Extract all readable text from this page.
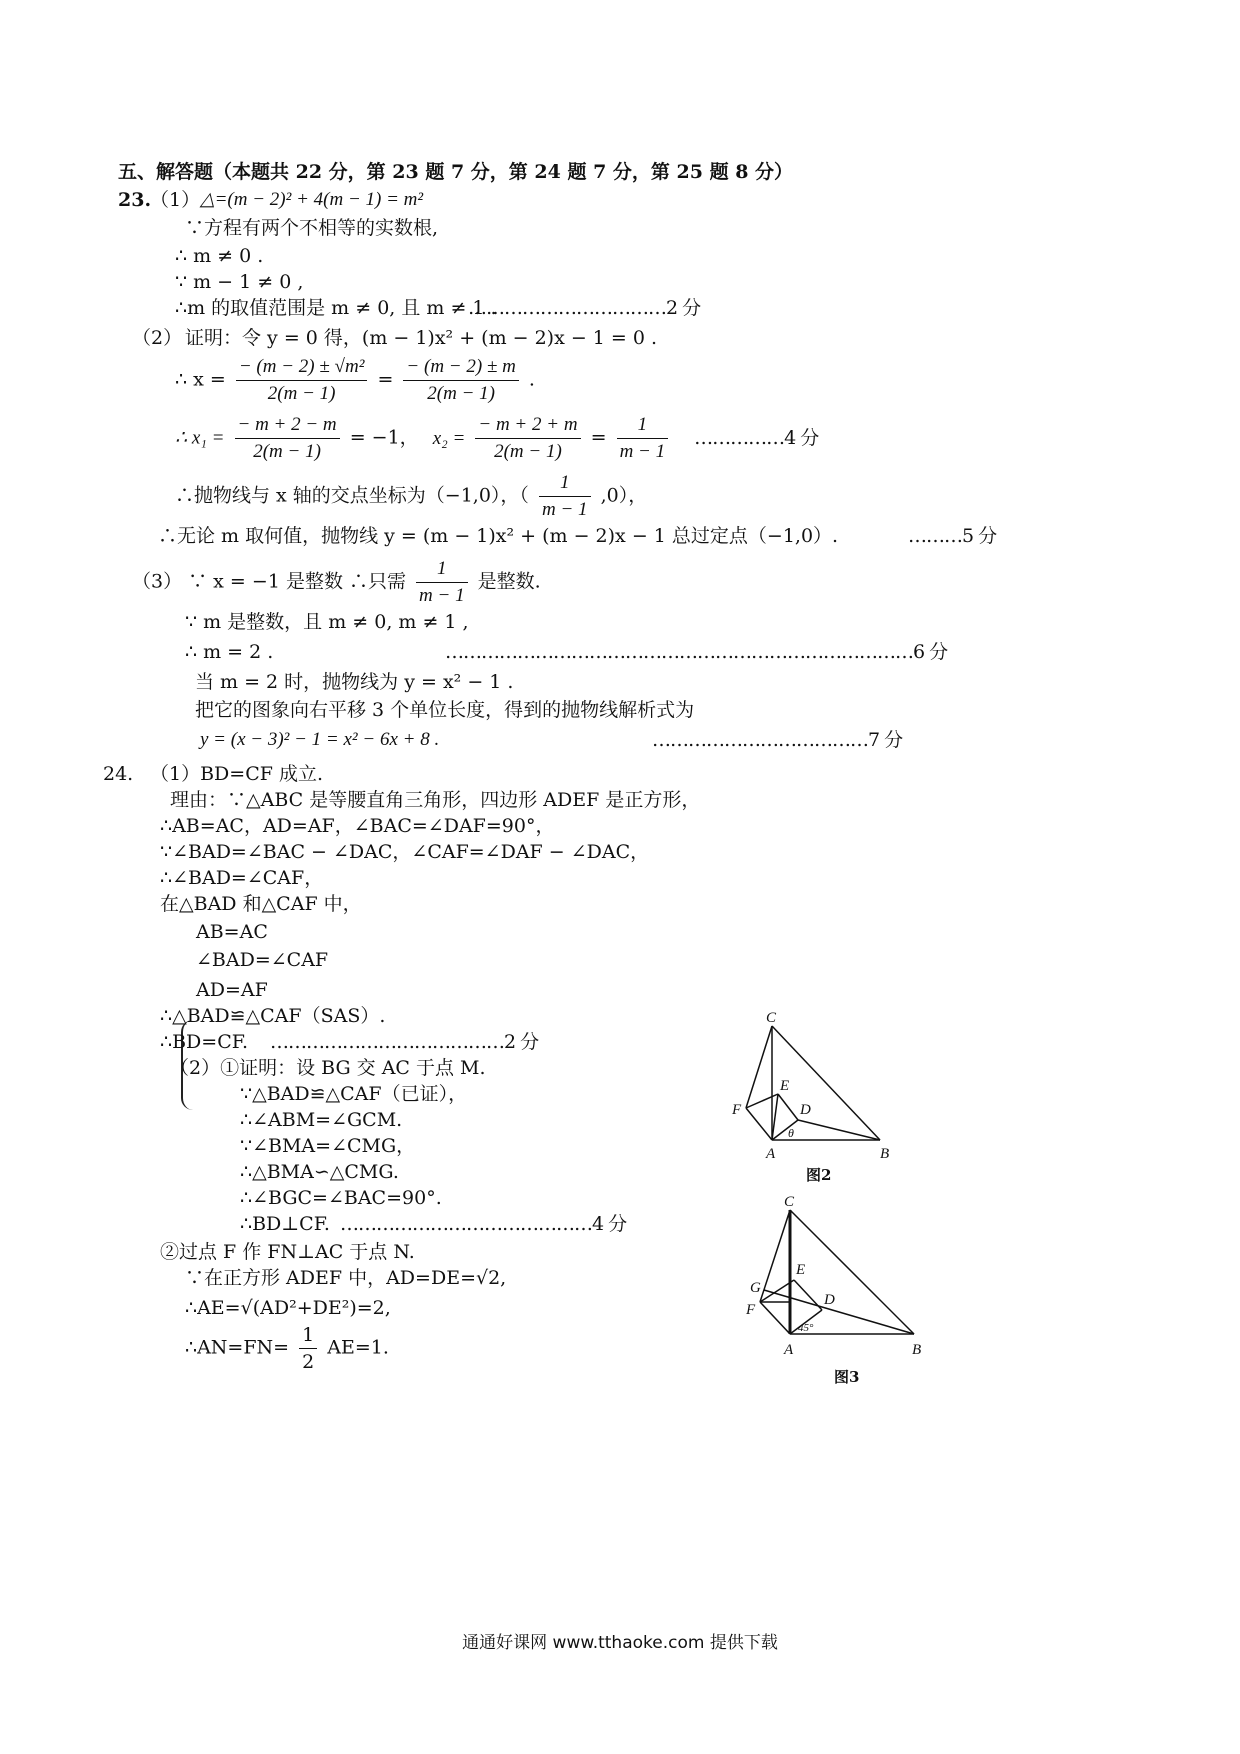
五、解答题（本题共 22 分，第 23 题 7 分，第 24 题 7 分，第 25 题 8 分）
23.
（1） △=(m − 2)² + 4(m − 1) = m²
∵方程有两个不相等的实数根,
∴ m ≠ 0 .
∵ m − 1 ≠ 0 ,
∴m 的取值范围是 m ≠ 0, 且 m ≠ 1 .
……………………………2 分
（2） 证明：令 y = 0 得，(m − 1)x² + (m − 2)x − 1 = 0 .
∴ $x = \frac{\text{− (m − 2) ± √m²}}{2(m - 1)} = \frac{- (m - 2) \pm m}{2(m - 1)}$ .
∴ $x_1 = \frac{- m + 2 - m}{2(m - 1)} = -1$， $x_2 = \frac{- m + 2 + m}{2(m - 1)} = \frac{1}{m - 1}$ ……………4 分
∴抛物线与 x 轴的交点坐标为（−1,0），（ $\frac{1}{m - 1} ,0$），
∴无论 m 取何值，抛物线 y = (m − 1)x² + (m − 2)x − 1 总过定点（−1,0）.	………5 分
（3） ∵ x = −1 是整数 ∴只需 $\frac{1}{m - 1}$ 是整数.
∵ m 是整数，且 m ≠ 0, m ≠ 1 ,
∴ m = 2 .	……………………………………………………………………6 分
当 m = 2 时，抛物线为 y = x² − 1 .
把它的图象向右平移 3 个单位长度，得到的抛物线解析式为
y = (x − 3)² − 1 = x² − 6x + 8 .	………………………………7 分
24. （1）BD=CF 成立.
理由：∵△ABC 是等腰直角三角形，四边形 ADEF 是正方形，
∴AB=AC，AD=AF，∠BAC=∠DAF=90°，
∵∠BAD=∠BAC − ∠DAC，∠CAF=∠DAF − ∠DAC，
∴∠BAD=∠CAF，
在△BAD 和△CAF 中，
AB=AC
∠BAD=∠CAF
AD=AF
∴△BAD≌△CAF（SAS）.
∴BD=CF. …………………………………2 分
（2）①证明：设 BG 交 AC 于点 M.
∵△BAD≌△CAF（已证），
∴∠ABM=∠GCM.
∵∠BMA=∠CMG，
∴△BMA∽△CMG.
∴∠BGC=∠BAC=90°.
∴BD⊥CF. ……………………………………4 分
②过点 F 作 FN⊥AC 于点 N.
∵在正方形 ADEF 中，AD=DE=√2,
∴AE=√(AD²+DE²)=2,
∴AN=FN= $\frac{1}{2} AE=1$.
C
E
D
F
A	B
θ
图2
C
E
G
D
F
A	B
45°
图3
通通好课网 www.tthaoke.com 提供下载
